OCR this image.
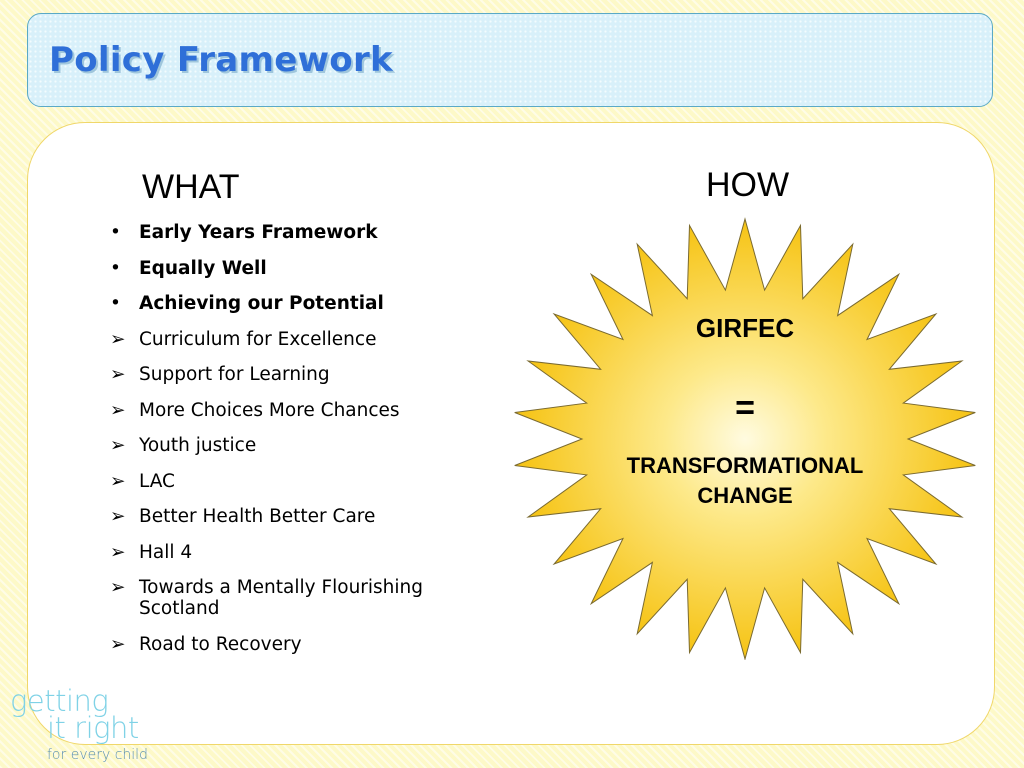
Policy Framework
WHAT	HOW
• Early Years Framework
• Equally Well
• Achieving our Potential
➢ Curriculum for Excellence
➢ Support for Learning
➢ More Choices More Chances
➢ Youth justice
➢ LAC
➢ Better Health Better Care
➢ Hall 4
➢ Towards a Mentally Flourishing Scotland
➢ Road to Recovery
GIRFEC
=
TRANSFORMATIONAL
CHANGE
getting
it right
for every child
